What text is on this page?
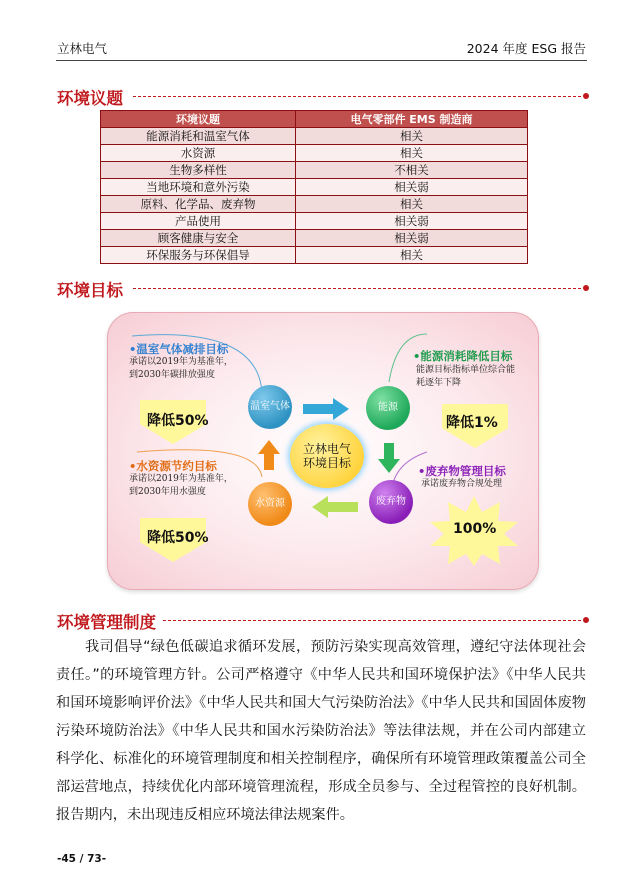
立林电气	2024 年度 ESG 报告
环境议题
环境议题	电气零部件 EMS 制造商
能源消耗和温室气体	相关
水资源	相关
生物多样性	不相关
当地环境和意外污染	相关弱
原料、化学品、废弃物	相关
产品使用	相关弱
顾客健康与安全	相关弱
环保服务与环保倡导	相关
环境目标
•温室气体减排目标
承诺以2019年为基准年，到2030年碳排放强度
降低50%
•水资源节约目标
承诺以2019年为基准年，到2030年用水强度
降低50%
•能源消耗降低目标
能源目标指标单位综合能耗逐年下降
降低1%
•废弃物管理目标
承诺废弃物合规处理
100%
温室气体	能源
水资源	废弃物
立林电气环境目标
环境管理制度
我司倡导“绿色低碳追求循环发展，预防污染实现高效管理，遵纪守法体现社会责任。”的环境管理方针。公司严格遵守《中华人民共和国环境保护法》《中华人民共和国环境影响评价法》《中华人民共和国大气污染防治法》《中华人民共和国固体废物污染环境防治法》《中华人民共和国水污染防治法》等法律法规，并在公司内部建立科学化、标准化的环境管理制度和相关控制程序，确保所有环境管理政策覆盖公司全部运营地点，持续优化内部环境管理流程，形成全员参与、全过程管控的良好机制。报告期内，未出现违反相应环境法律法规案件。
-45 / 73-
